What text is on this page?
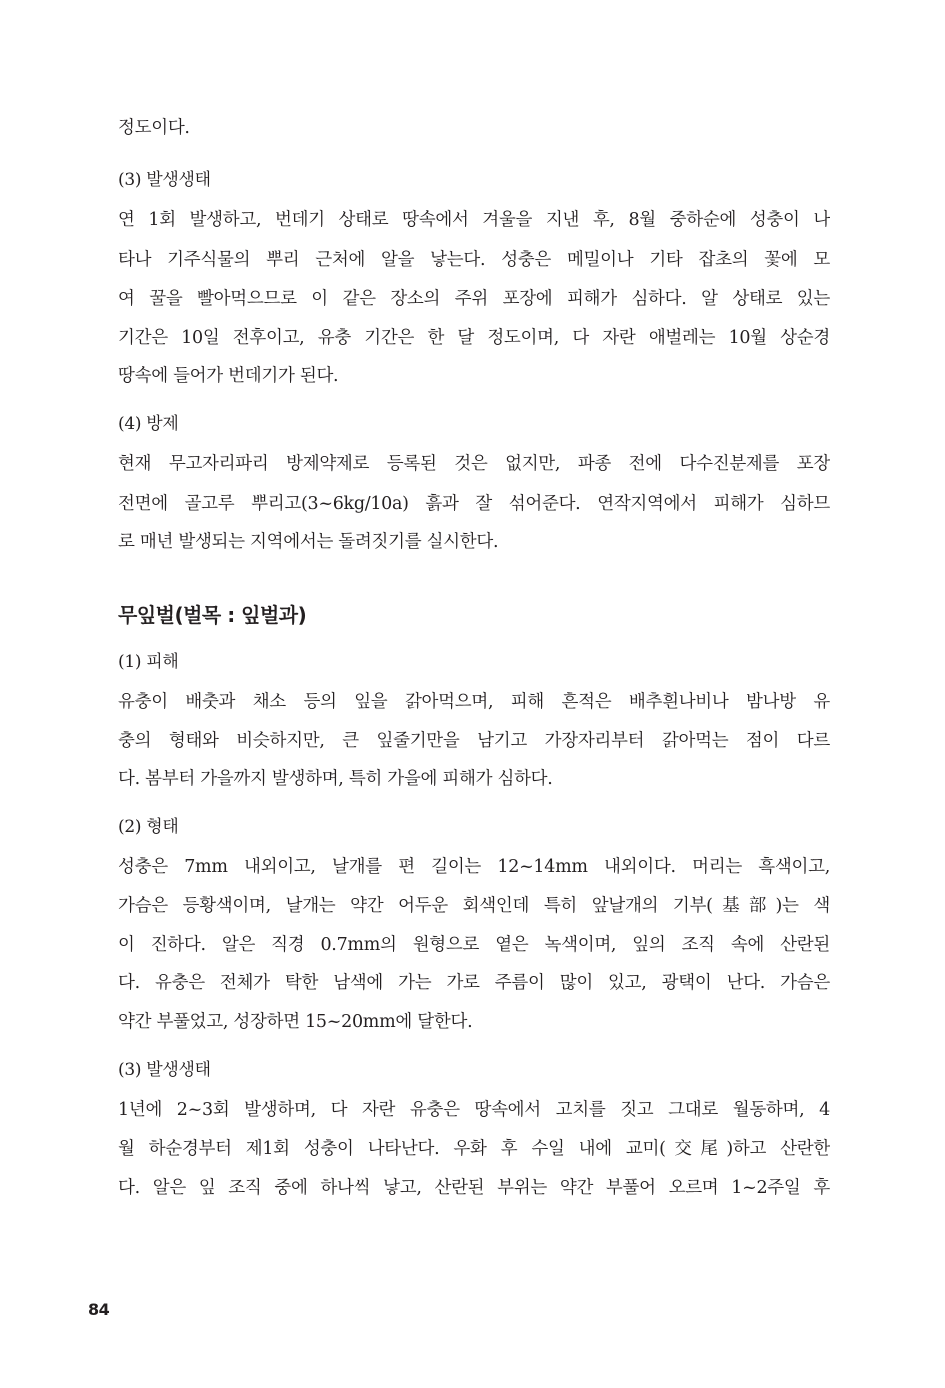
정도이다.

(3) 발생생태

연 1회 발생하고, 번데기 상태로 땅속에서 겨울을 지낸 후, 8월 중하순에 성충이 나

타나 기주식물의 뿌리 근처에 알을 낳는다. 성충은 메밀이나 기타 잡초의 꽃에 모

여 꿀을 빨아먹으므로 이 같은 장소의 주위 포장에 피해가 심하다. 알 상태로 있는

기간은 10일 전후이고, 유충 기간은 한 달 정도이며, 다 자란 애벌레는 10월 상순경

땅속에 들어가 번데기가 된다.

(4) 방제

현재 무고자리파리 방제약제로 등록된 것은 없지만, 파종 전에 다수진분제를 포장

전면에 골고루 뿌리고(3~6kg/10a) 흙과 잘 섞어준다. 연작지역에서 피해가 심하므

로 매년 발생되는 지역에서는 돌려짓기를 실시한다.

무잎벌(벌목 : 잎벌과)

(1) 피해

유충이 배춧과 채소 등의 잎을 갉아먹으며, 피해 흔적은 배추흰나비나 밤나방 유

충의 형태와 비슷하지만, 큰 잎줄기만을 남기고 가장자리부터 갉아먹는 점이 다르

다. 봄부터 가을까지 발생하며, 특히 가을에 피해가 심하다.

(2) 형태

성충은 7mm 내외이고, 날개를 편 길이는 12~14mm 내외이다. 머리는 흑색이고,

가슴은 등황색이며, 날개는 약간 어두운 회색인데 특히 앞날개의 기부(基部)는 색

이 진하다. 알은 직경 0.7mm의 원형으로 옅은 녹색이며, 잎의 조직 속에 산란된

다. 유충은 전체가 탁한 남색에 가는 가로 주름이 많이 있고, 광택이 난다. 가슴은

약간 부풀었고, 성장하면 15~20mm에 달한다.

(3) 발생생태

1년에 2~3회 발생하며, 다 자란 유충은 땅속에서 고치를 짓고 그대로 월동하며, 4

월 하순경부터 제1회 성충이 나타난다. 우화 후 수일 내에 교미(交尾)하고 산란한

다. 알은 잎 조직 중에 하나씩 낳고, 산란된 부위는 약간 부풀어 오르며 1~2주일 후

84
